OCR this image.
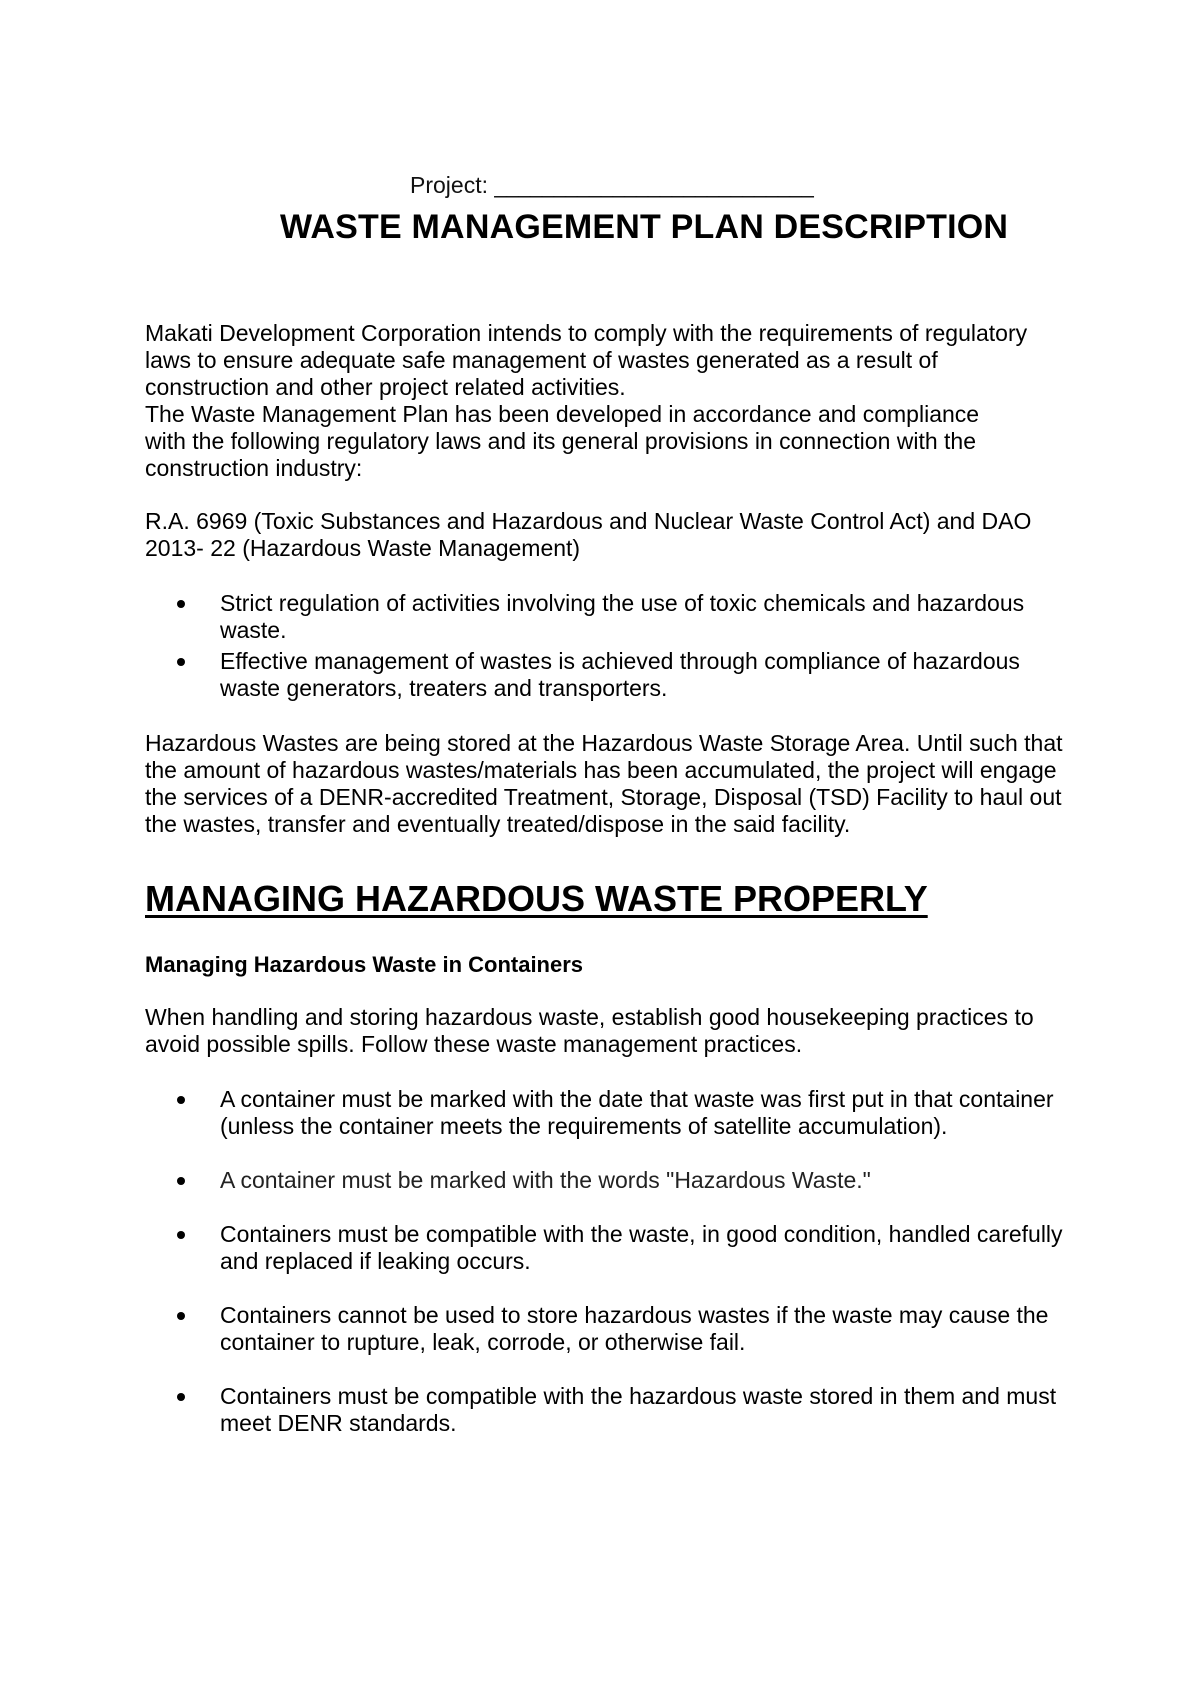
Project: ___________________________
WASTE MANAGEMENT PLAN DESCRIPTION

Makati Development Corporation intends to comply with the requirements of regulatory
laws to ensure adequate safe management of wastes generated as a result of
construction and other project related activities.
The Waste Management Plan has been developed in accordance and compliance
with the following regulatory laws and its general provisions in connection with the
construction industry:

R.A. 6969 (Toxic Substances and Hazardous and Nuclear Waste Control Act) and DAO
2013- 22 (Hazardous Waste Management)

Strict regulation of activities involving the use of toxic chemicals and hazardous
waste.
Effective management of wastes is achieved through compliance of hazardous
waste generators, treaters and transporters.

Hazardous Wastes are being stored at the Hazardous Waste Storage Area. Until such that
the amount of hazardous wastes/materials has been accumulated, the project will engage
the services of a DENR-accredited Treatment, Storage, Disposal (TSD) Facility to haul out
the wastes, transfer and eventually treated/dispose in the said facility.

MANAGING HAZARDOUS WASTE PROPERLY
Managing Hazardous Waste in Containers

When handling and storing hazardous waste, establish good housekeeping practices to
avoid possible spills. Follow these waste management practices.

A container must be marked with the date that waste was first put in that container
(unless the container meets the requirements of satellite accumulation).
A container must be marked with the words "Hazardous Waste."
Containers must be compatible with the waste, in good condition, handled carefully
and replaced if leaking occurs.
Containers cannot be used to store hazardous wastes if the waste may cause the
container to rupture, leak, corrode, or otherwise fail.
Containers must be compatible with the hazardous waste stored in them and must
meet DENR standards.
